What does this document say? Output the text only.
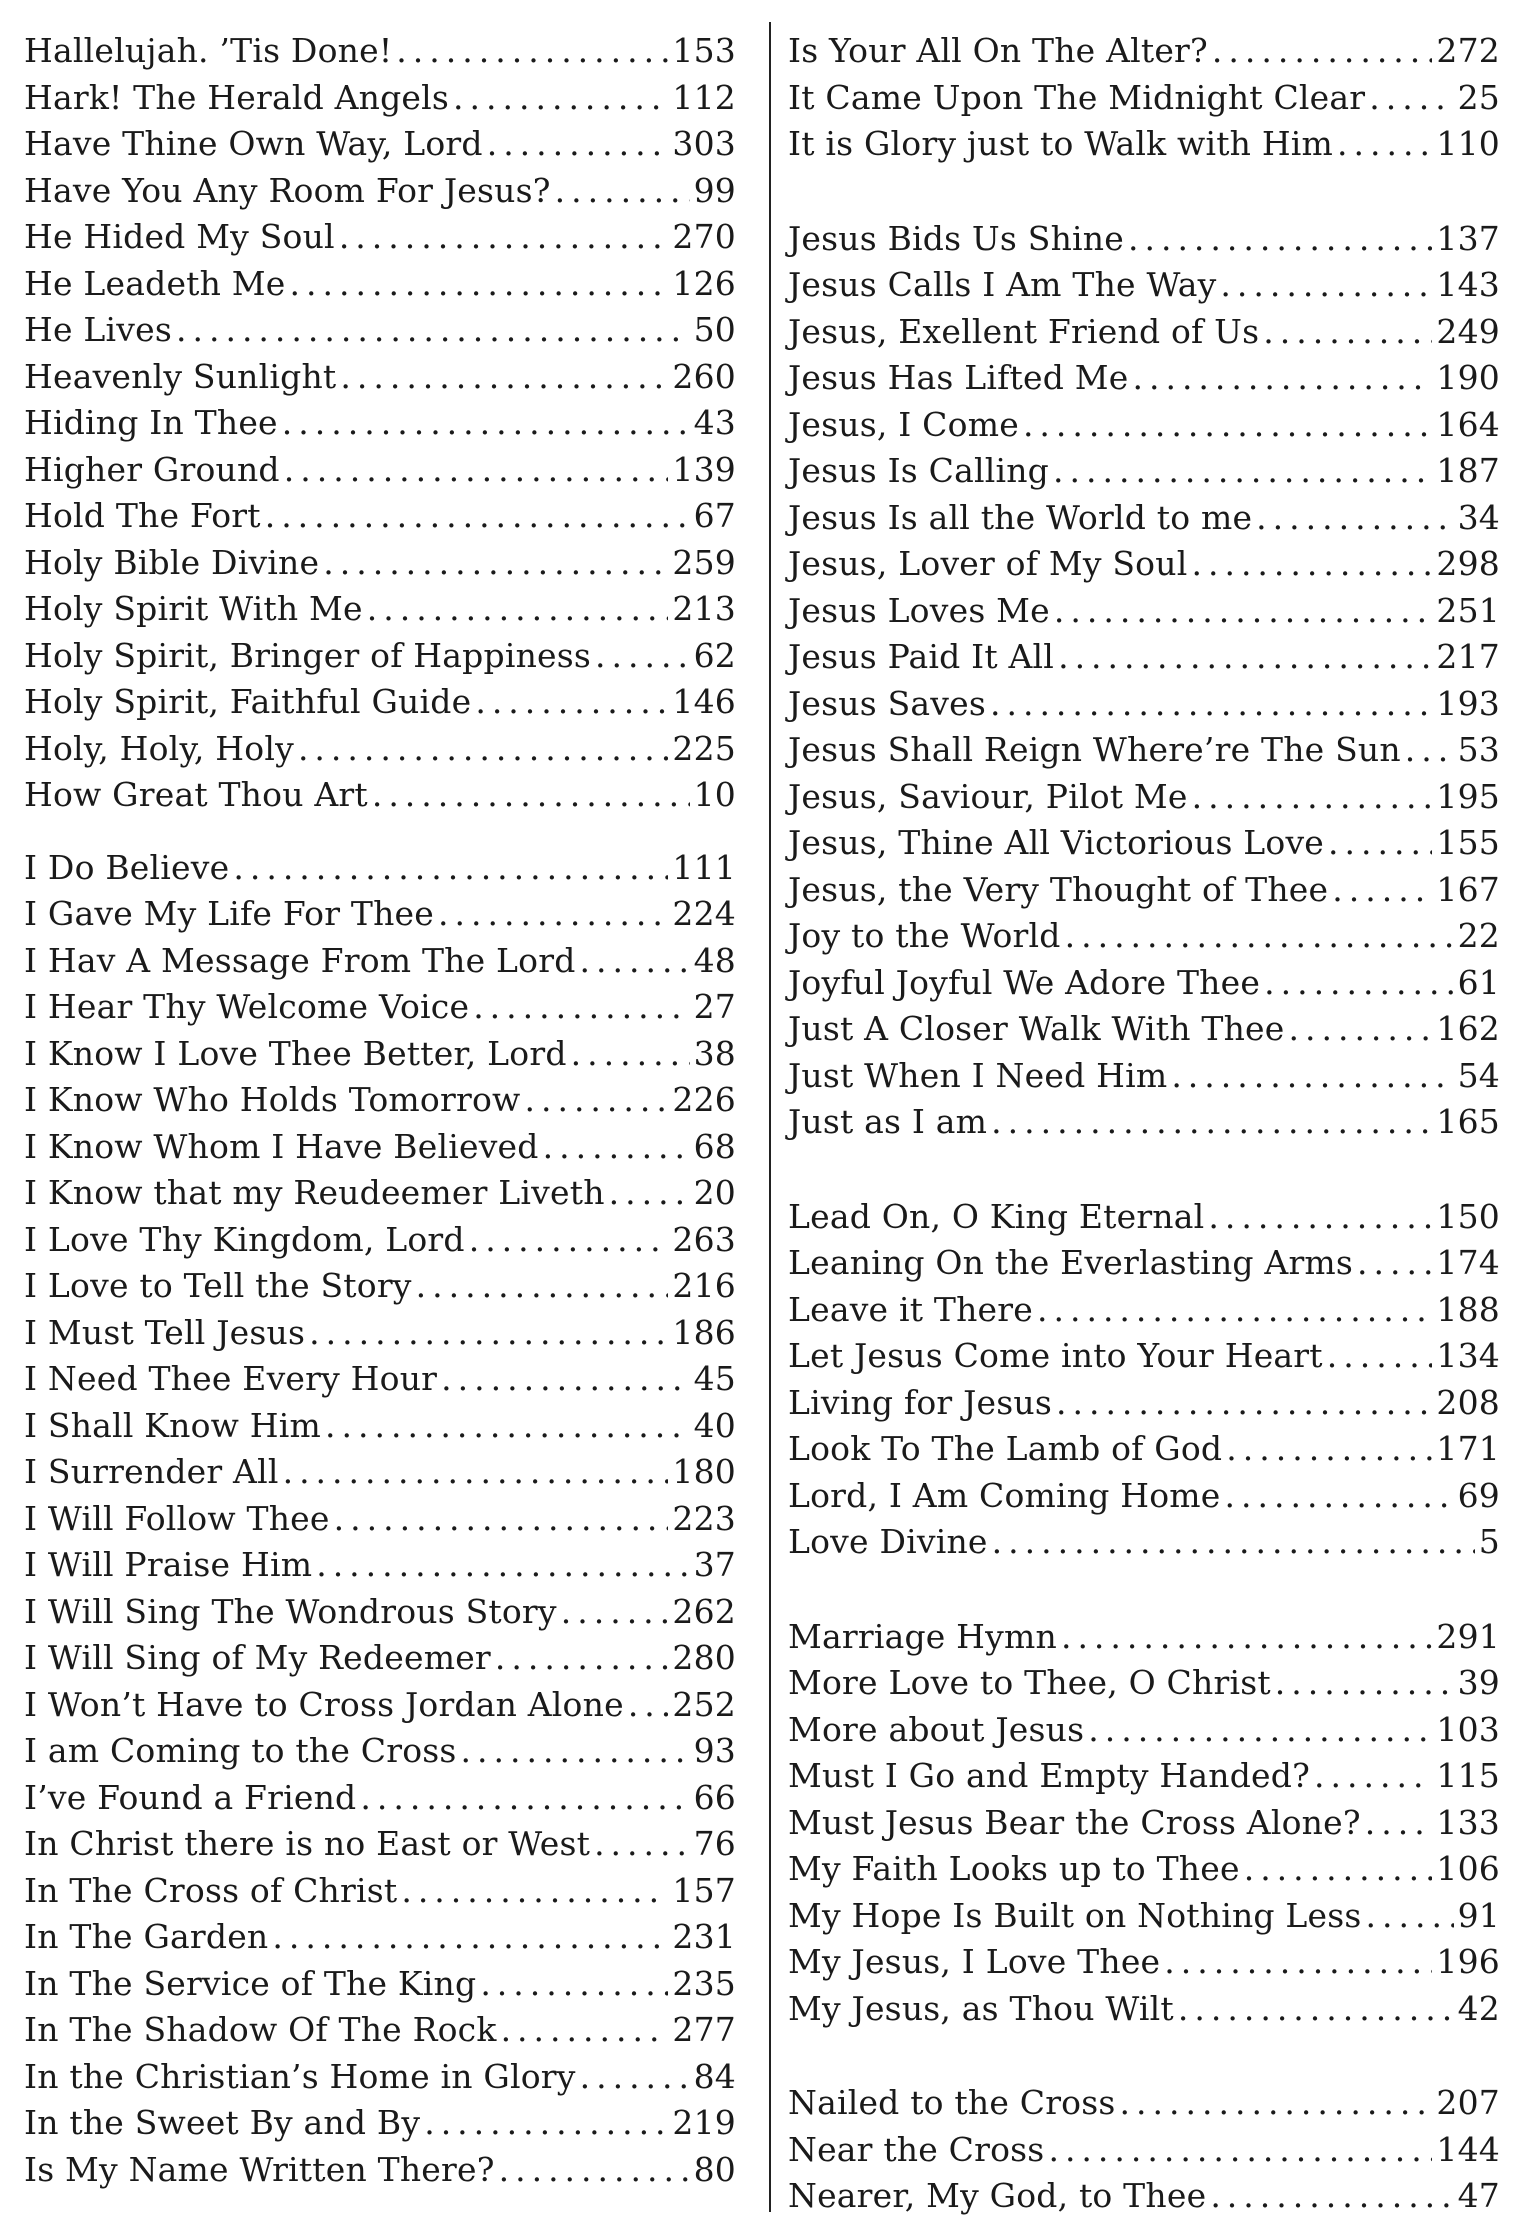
Hallelujah. ’Tis Done! .....	153
Hark! The Herald Angels .....	112
Have Thine Own Way, Lord .....	303
Have You Any Room For Jesus? .....	99
He Hided My Soul .....	270
He Leadeth Me .....	126
He Lives .....	50
Heavenly Sunlight .....	260
Hiding In Thee .....	43
Higher Ground .....	139
Hold The Fort .....	67
Holy Bible Divine .....	259
Holy Spirit With Me .....	213
Holy Spirit, Bringer of Happiness .....	62
Holy Spirit, Faithful Guide .....	146
Holy, Holy, Holy .....	225
How Great Thou Art .....	10
I Do Believe .....	111
I Gave My Life For Thee .....	224
I Hav A Message From The Lord .....	48
I Hear Thy Welcome Voice .....	27
I Know I Love Thee Better, Lord .....	38
I Know Who Holds Tomorrow .....	226
I Know Whom I Have Believed .....	68
I Know that my Reudeemer Liveth .....	20
I Love Thy Kingdom, Lord .....	263
I Love to Tell the Story .....	216
I Must Tell Jesus .....	186
I Need Thee Every Hour .....	45
I Shall Know Him .....	40
I Surrender All .....	180
I Will Follow Thee .....	223
I Will Praise Him .....	37
I Will Sing The Wondrous Story .....	262
I Will Sing of My Redeemer .....	280
I Won’t Have to Cross Jordan Alone ..... 252
I am Coming to the Cross .....	93
I’ve Found a Friend .....	66
In Christ there is no East or West .....	76
In The Cross of Christ .....	157
In The Garden .....	231
In The Service of The King .....	235
In The Shadow Of The Rock .....	277
In the Christian’s Home in Glory .....	84
In the Sweet By and By .....	219
Is My Name Written There? .....	80
Is Your All On The Alter? .....	272
It Came Upon The Midnight Clear .....	25
It is Glory just to Walk with Him .....	110
Jesus Bids Us Shine .....	137
Jesus Calls I Am The Way .....	143
Jesus, Exellent Friend of Us .....	249
Jesus Has Lifted Me .....	190
Jesus, I Come .....	164
Jesus Is Calling .....	187
Jesus Is all the World to me .....	34
Jesus, Lover of My Soul .....	298
Jesus Loves Me .....	251
Jesus Paid It All .....	217
Jesus Saves .....	193
Jesus Shall Reign Where’re The Sun ..... 53
Jesus, Saviour, Pilot Me .....	195
Jesus, Thine All Victorious Love .....	155
Jesus, the Very Thought of Thee .....	167
Joy to the World .....	22
Joyful Joyful We Adore Thee .....	61
Just A Closer Walk With Thee .....	162
Just When I Need Him .....	54
Just as I am .....	165
Lead On, O King Eternal .....	150
Leaning On the Everlasting Arms .....	174
Leave it There .....	188
Let Jesus Come into Your Heart .....	134
Living for Jesus .....	208
Look To The Lamb of God .....	171
Lord, I Am Coming Home .....	69
Love Divine .....	5
Marriage Hymn .....	291
More Love to Thee, O Christ .....	39
More about Jesus .....	103
Must I Go and Empty Handed? .....	115
Must Jesus Bear the Cross Alone? ..... 133
My Faith Looks up to Thee .....	106
My Hope Is Built on Nothing Less .....	91
My Jesus, I Love Thee .....	196
My Jesus, as Thou Wilt .....	42
Nailed to the Cross .....	207
Near the Cross .....	144
Nearer, My God, to Thee .....	47
